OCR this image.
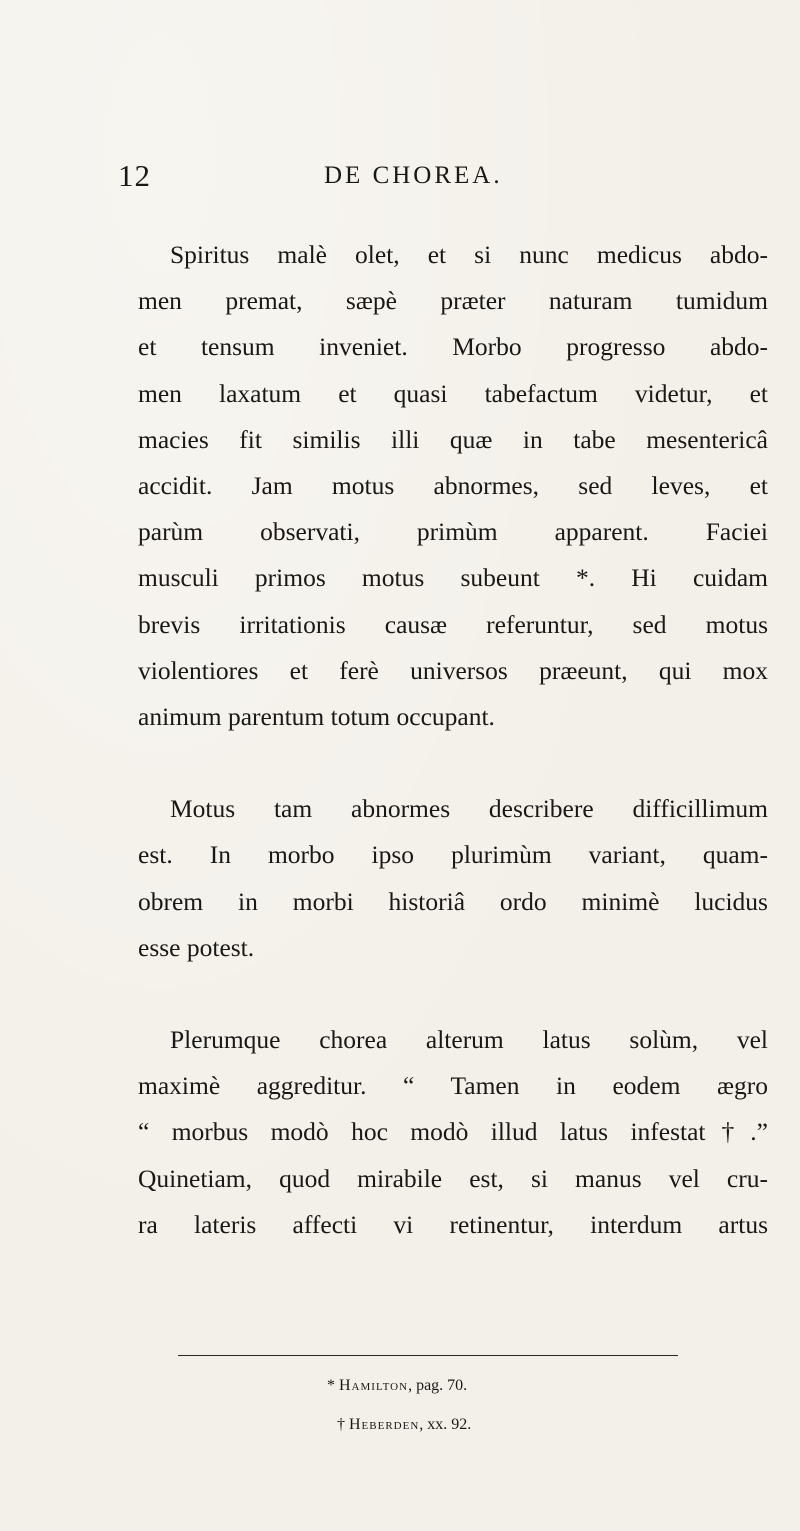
12	DE CHOREA.

Spiritus malè olet, et si nunc medicus abdo-
men premat, sæpè præter naturam tumidum
et tensum inveniet. Morbo progresso abdo-
men laxatum et quasi tabefactum videtur, et
macies fit similis illi quæ in tabe mesentericâ
accidit. Jam motus abnormes, sed leves, et
parùm observati, primùm apparent. Faciei
musculi primos motus subeunt *. Hi cuidam
brevis irritationis causæ referuntur, sed motus
violentiores et ferè universos præeunt, qui mox
animum parentum totum occupant.

Motus tam abnormes describere difficillimum
est. In morbo ipso plurimùm variant, quam-
obrem in morbi historiâ ordo minimè lucidus
esse potest.

Plerumque chorea alterum latus solùm, vel
maximè aggreditur. “ Tamen in eodem ægro
“ morbus modò hoc modò illud latus infestat†.”
Quinetiam, quod mirabile est, si manus vel cru-
ra lateris affecti vi retinentur, interdum artus

* Hamilton, pag. 70.
† Heberden, xx. 92.
